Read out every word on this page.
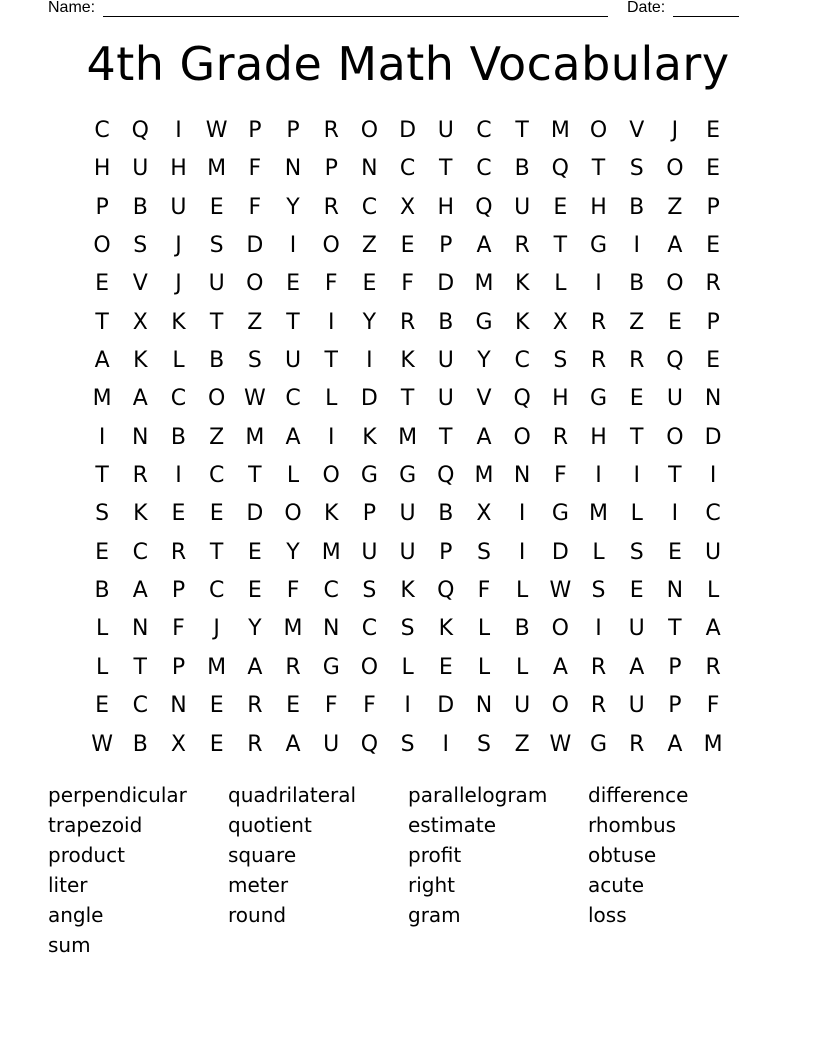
Name:	Date:
4th Grade Math Vocabulary
C Q	I	W P	P	R O D U	C	T M O	V	J	E
H U H M	F	N	P	N	C	T	C	B Q	T	S	O	E
P	B	U	E	F	Y	R	C	X	H Q U	E	H	B	Z	P
O	S	J	S	D	I	O Z	E	P	A	R	T	G	I	A	E
E	V	J	U O	E	F	E	F	D M K	L	I	B O R
T	X	K	T	Z	T	I	Y	R	B	G	K	X	R	Z	E	P
A	K	L	B	S	U	T	I	K	U	Y	C	S	R	R Q	E
M A	C O W C	L	D	T	U	V Q H G	E	U N
I	N	B	Z M A	I	K M T	A O R	H	T	O D
T	R	I	C	T	L	O G G Q M N	F	I	I	T	I
S	K	E	E	D O	K	P	U	B	X	I	G M	L	I	C
E	C	R	T	E	Y M U	U	P	S	I	D	L	S	E	U
B	A	P	C	E	F	C	S	K	Q	F	L W S	E	N	L
L	N	F	J	Y M N	C	S	K	L	B O	I	U	T	A
L	T	P	M A	R	G O	L	E	L	L	A	R	A	P	R
E	C	N	E	R	E	F	F	I	D N U O R	U	P	F
W B	X	E	R	A	U Q	S	I	S	Z W G	R	A M
perpendicular	quadrilateral	parallelogram	difference
trapezoid	quotient	estimate	rhombus
product	square	profit	obtuse
liter	meter	right	acute
angle	round	gram	loss
sum
